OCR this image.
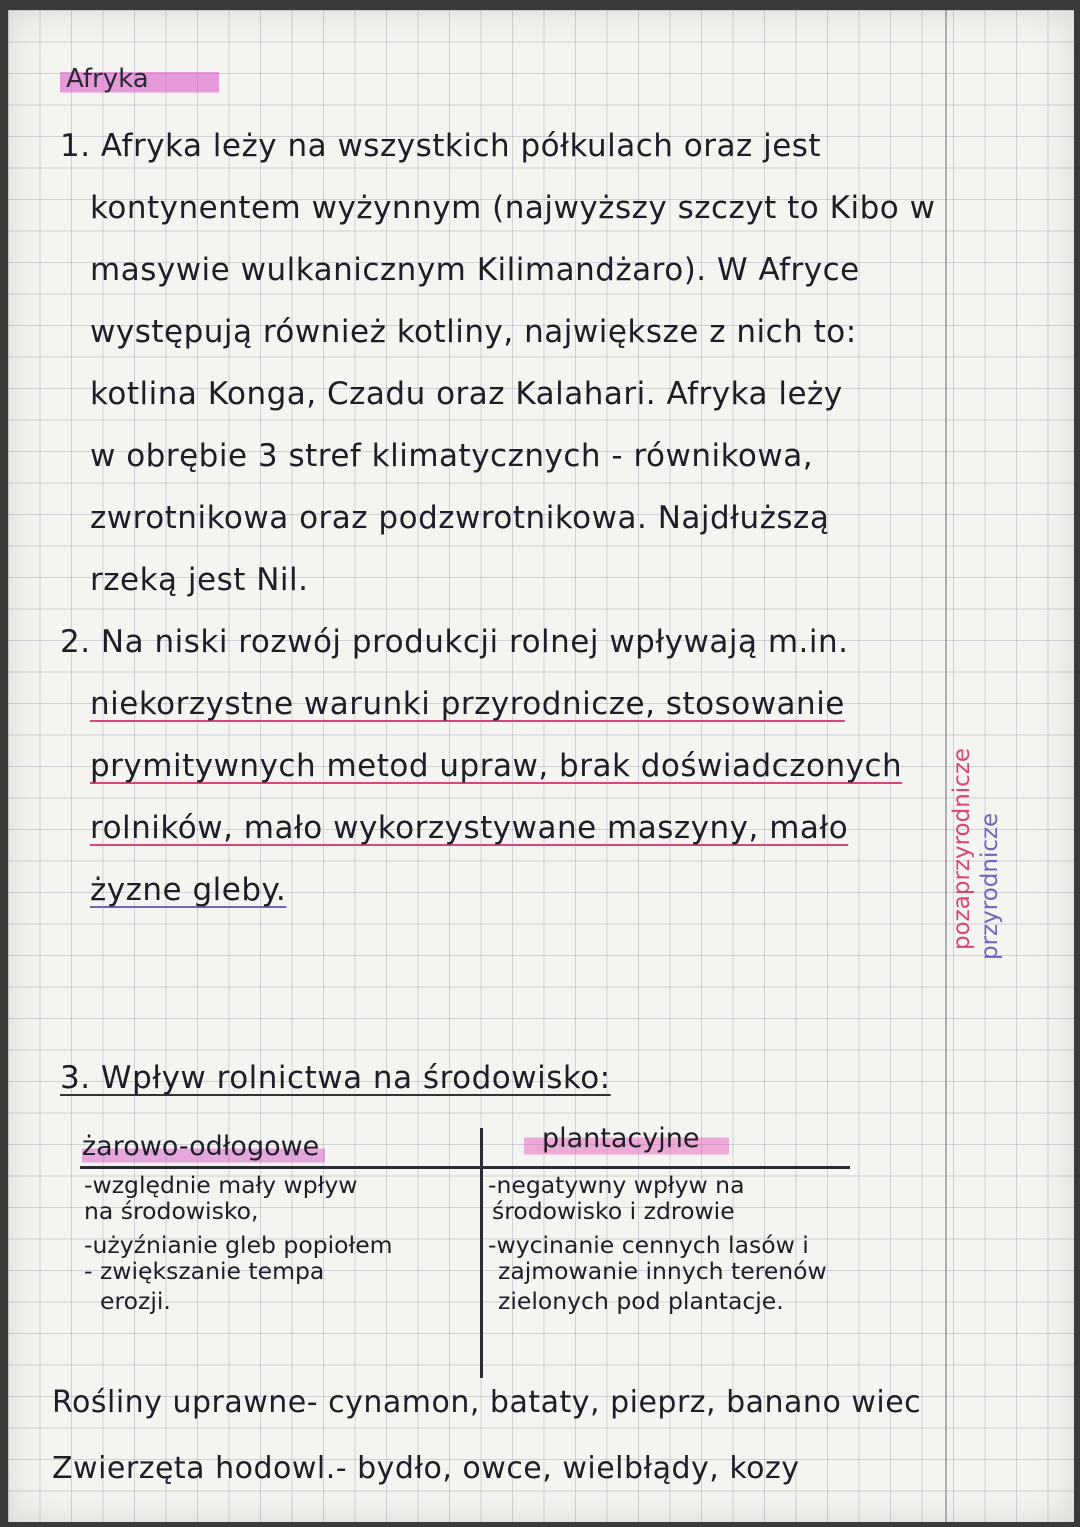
Afryka
1. Afryka leży na wszystkich półkulach oraz jest
kontynentem wyżynnym (najwyższy szczyt to Kibo w
masywie wulkanicznym Kilimandżaro). W Afryce
występują również kotliny, największe z nich to:
kotlina Konga, Czadu oraz Kalahari. Afryka leży
w obrębie 3 stref klimatycznych - równikowa,
zwrotnikowa oraz podzwrotnikowa. Najdłuższą
rzeką jest Nil.
2. Na niski rozwój produkcji rolnej wpływają m.in.
niekorzystne warunki przyrodnicze, stosowanie
prymitywnych metod upraw, brak doświadczonych
rolników, mało wykorzystywane maszyny, mało
żyzne gleby.	pozaprzyrodnicze przyrodnicze
3. Wpływ rolnictwa na środowisko:
żarowo-odłogowe	plantacyjne
-względnie mały wpływ
na środowisko,
-użyźnianie gleb popiołem
- zwiększanie tempa
erozji.
-negatywny wpływ na
środowisko i zdrowie
-wycinanie cennych lasów i
zajmowanie innych terenów
zielonych pod plantacje.
Rośliny uprawne- cynamon, bataty, pieprz, banano wiec
Zwierzęta hodowl.- bydło, owce, wielbłądy, kozy
